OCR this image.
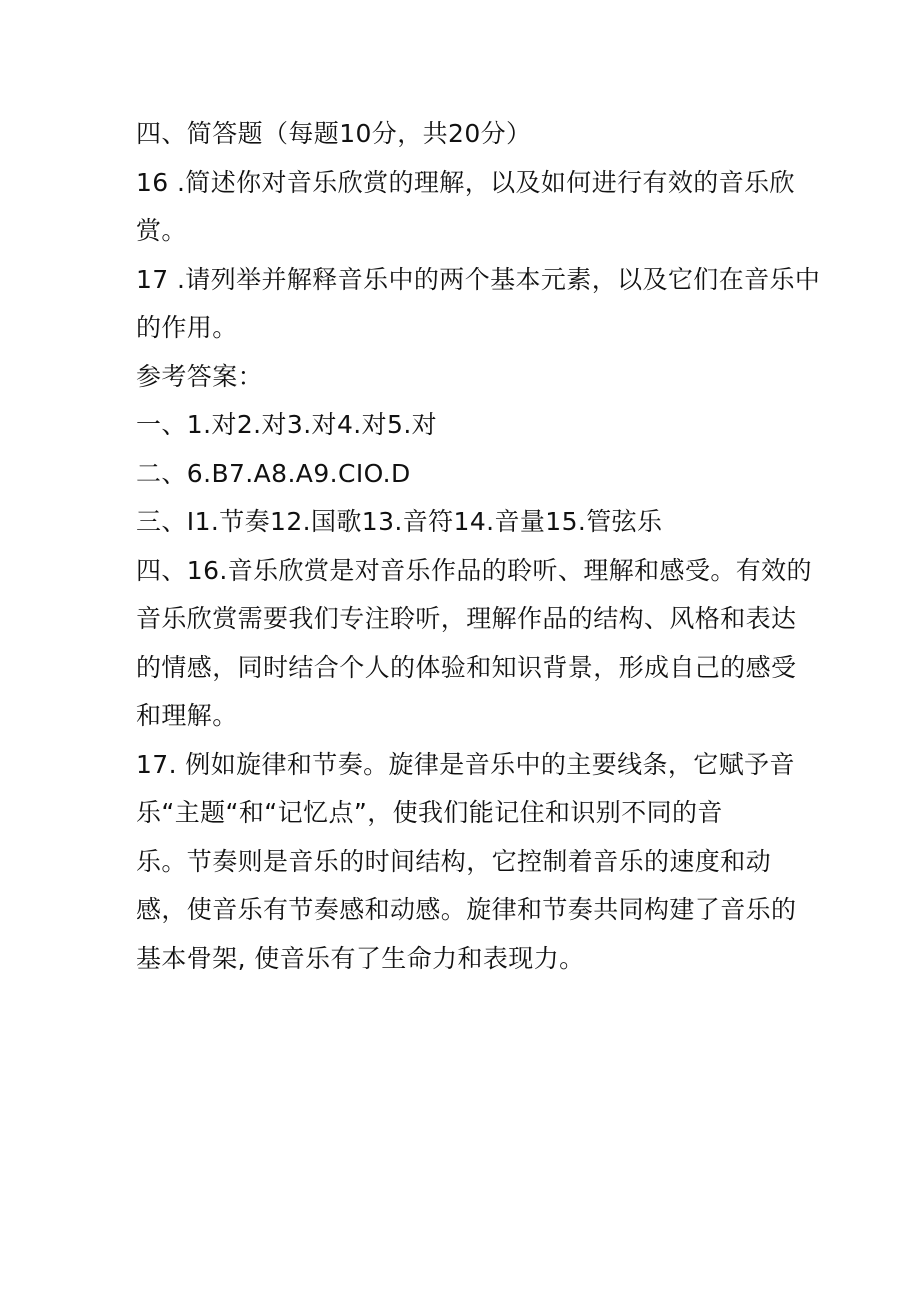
四、简答题（每题10分，共20分）
16 .简述你对音乐欣赏的理解，以及如何进行有效的音乐欣
赏。
17 .请列举并解释音乐中的两个基本元素，以及它们在音乐中
的作用。
参考答案：
一、1.对2.对3.对4.对5.对
二、6.B7.A8.A9.CIO.D
三、I1.节奏12.国歌13.音符14.音量15.管弦乐
四、16.音乐欣赏是对音乐作品的聆听、理解和感受。有效的
音乐欣赏需要我们专注聆听，理解作品的结构、风格和表达
的情感，同时结合个人的体验和知识背景，形成自己的感受
和理解。
17. 例如旋律和节奏。旋律是音乐中的主要线条，它赋予音
乐“主题“和“记忆点”，使我们能记住和识别不同的音
乐。节奏则是音乐的时间结构，它控制着音乐的速度和动
感，使音乐有节奏感和动感。旋律和节奏共同构建了音乐的
基本骨架, 使音乐有了生命力和表现力。
